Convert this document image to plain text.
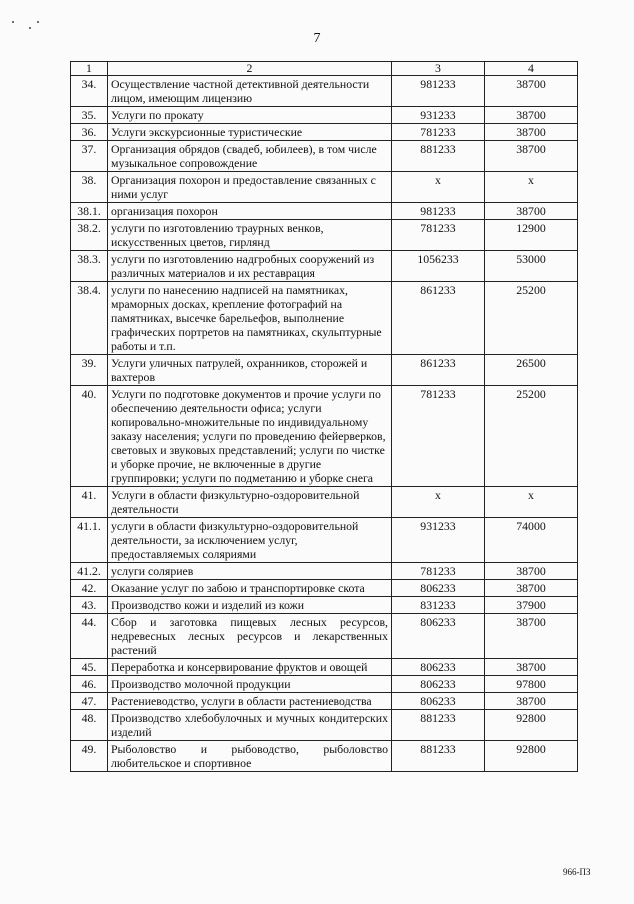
7
1	2	3	4
34.	Осуществление частной детективной деятельности лицом, имеющим лицензию	981233	38700
35.	Услуги по прокату	931233	38700
36.	Услуги экскурсионные туристические	781233	38700
37.	Организация обрядов (свадеб, юбилеев), в том числе музыкальное сопровождение	881233	38700
38.	Организация похорон и предоставление связанных с ними услуг	х	х
38.1.	организация похорон	981233	38700
38.2.	услуги по изготовлению траурных венков, искусственных цветов, гирлянд	781233	12900
38.3.	услуги по изготовлению надгробных сооружений из различных материалов и их реставрация	1056233	53000
38.4.	услуги по нанесению надписей на памятниках, мраморных досках, крепление фотографий на памятниках, высечке барельефов, выполнение графических портретов на памятниках, скульптурные работы и т.п.	861233	25200
39.	Услуги уличных патрулей, охранников, сторожей и вахтеров	861233	26500
40.	Услуги по подготовке документов и прочие услуги по обеспечению деятельности офиса; услуги копировально-множительные по индивидуальному заказу населения; услуги по проведению фейерверков, световых и звуковых представлений; услуги по чистке и уборке прочие, не включенные в другие группировки; услуги по подметанию и уборке снега	781233	25200
41.	Услуги в области физкультурно-оздоровительной деятельности	х	х
41.1.	услуги в области физкультурно-оздоровительной деятельности, за исключением услуг, предоставляемых соляриями	931233	74000
41.2.	услуги соляриев	781233	38700
42.	Оказание услуг по забою и транспортировке скота	806233	38700
43.	Производство кожи и изделий из кожи	831233	37900
44.	Сбор и заготовка пищевых лесных ресурсов, недревесных лесных ресурсов и лекарственных растений	806233	38700
45.	Переработка и консервирование фруктов и овощей	806233	38700
46.	Производство молочной продукции	806233	97800
47.	Растениеводство, услуги в области растениеводства	806233	38700
48.	Производство хлебобулочных и мучных кондитерских изделий	881233	92800
49.	Рыболовство и рыбоводство, рыболовство любительское и спортивное	881233	92800
966-ПЗ
